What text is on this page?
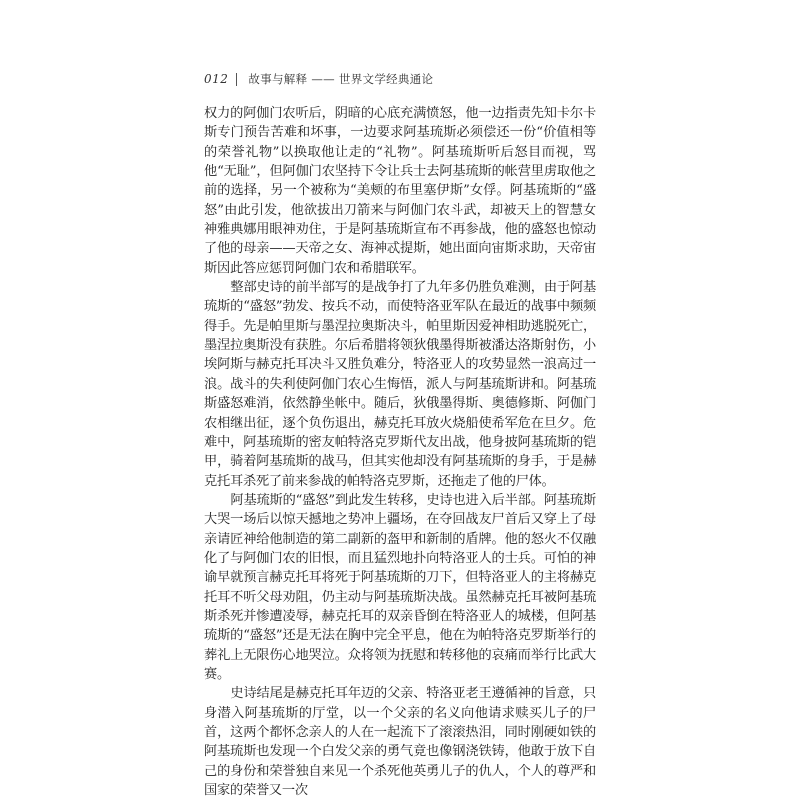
012 故事与解释 —— 世界文学经典通论

权力的阿伽门农听后，阴暗的心底充满愤怒，他一边指责先知卡尔卡斯专门预告苦难和坏事，一边要求阿基琉斯必须偿还一份“价值相等的荣誉礼物”以换取他让走的“礼物”。阿基琉斯听后怒目而视，骂他“无耻”，但阿伽门农坚持下令让兵士去阿基琉斯的帐营里虏取他之前的选择，另一个被称为“美颊的布里塞伊斯”女俘。阿基琉斯的“盛怒”由此引发，他欲拔出刀箭来与阿伽门农斗武，却被天上的智慧女神雅典娜用眼神劝住，于是阿基琉斯宣布不再参战，他的盛怒也惊动了他的母亲——天帝之女、海神忒提斯，她出面向宙斯求助，天帝宙斯因此答应惩罚阿伽门农和希腊联军。

整部史诗的前半部写的是战争打了九年多仍胜负难测，由于阿基琉斯的“盛怒”勃发、按兵不动，而使特洛亚军队在最近的战事中频频得手。先是帕里斯与墨涅拉奥斯决斗，帕里斯因爱神相助逃脱死亡，墨涅拉奥斯没有获胜。尔后希腊将领狄俄墨得斯被潘达洛斯射伤，小埃阿斯与赫克托耳决斗又胜负难分，特洛亚人的攻势显然一浪高过一浪。战斗的失利使阿伽门农心生悔悟，派人与阿基琉斯讲和。阿基琉斯盛怒难消，依然静坐帐中。随后，狄俄墨得斯、奥德修斯、阿伽门农相继出征，逐个负伤退出，赫克托耳放火烧船使希军危在旦夕。危难中，阿基琉斯的密友帕特洛克罗斯代友出战，他身披阿基琉斯的铠甲，骑着阿基琉斯的战马，但其实他却没有阿基琉斯的身手，于是赫克托耳杀死了前来参战的帕特洛克罗斯，还拖走了他的尸体。

阿基琉斯的“盛怒”到此发生转移，史诗也进入后半部。阿基琉斯大哭一场后以惊天撼地之势冲上疆场，在夺回战友尸首后又穿上了母亲请匠神给他制造的第二副新的盔甲和新制的盾牌。他的怒火不仅融化了与阿伽门农的旧恨，而且猛烈地扑向特洛亚人的士兵。可怕的神谕早就预言赫克托耳将死于阿基琉斯的刀下，但特洛亚人的主将赫克托耳不听父母劝阻，仍主动与阿基琉斯决战。虽然赫克托耳被阿基琉斯杀死并惨遭凌辱，赫克托耳的双亲昏倒在特洛亚人的城楼，但阿基琉斯的“盛怒”还是无法在胸中完全平息，他在为帕特洛克罗斯举行的葬礼上无限伤心地哭泣。众将领为抚慰和转移他的哀痛而举行比武大赛。

史诗结尾是赫克托耳年迈的父亲、特洛亚老王遵循神的旨意，只身潜入阿基琉斯的厅堂，以一个父亲的名义向他请求赎买儿子的尸首，这两个都怀念亲人的人在一起流下了滚滚热泪，同时刚硬如铁的阿基琉斯也发现一个白发父亲的勇气竟也像钢浇铁铸，他敢于放下自己的身份和荣誉独自来见一个杀死他英勇儿子的仇人，个人的尊严和国家的荣誉又一次
